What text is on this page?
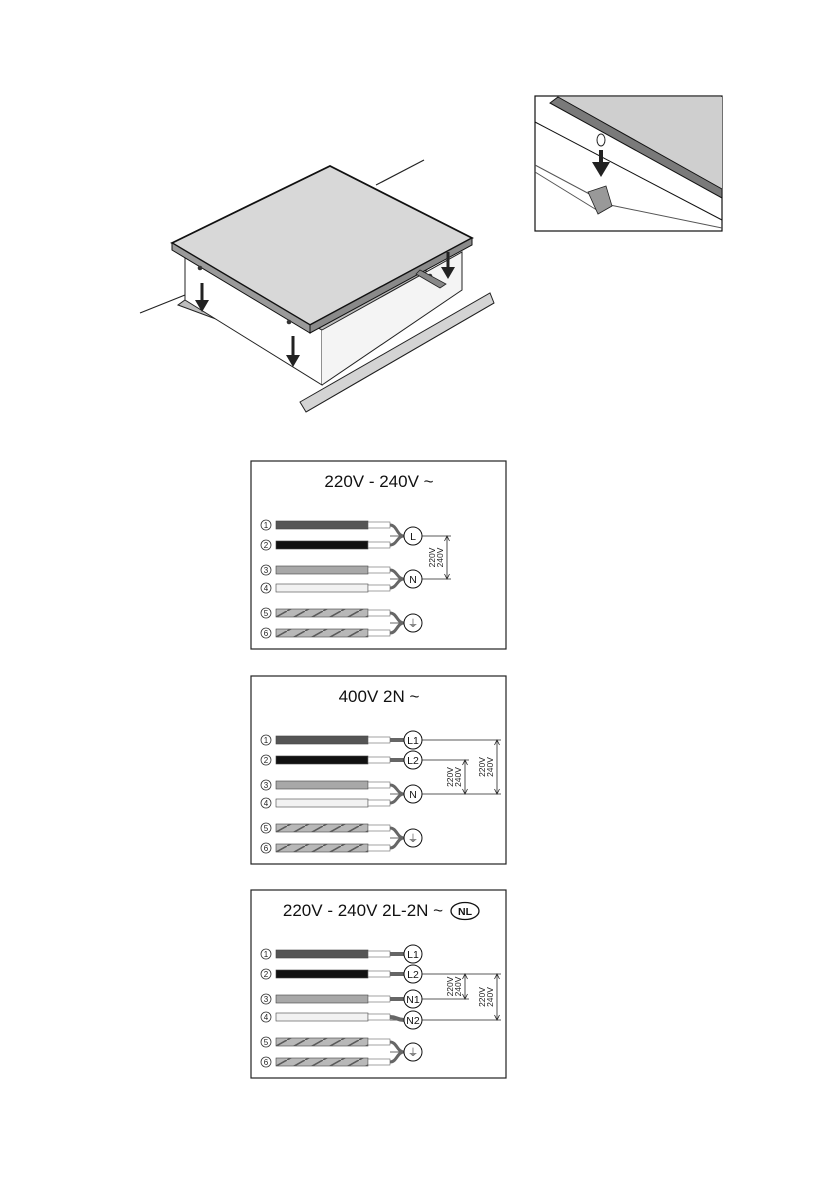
220V - 240V ~
1
2
3
4
5
6
L
N
⏚
220V
240V
400V 2N ~
1
2
3
4
5
6
L1
L2
N
⏚
220V
240V
220V
240V
220V - 240V 2L-2N ~ NL
1
2
3
4
5
6
L1
L2
N1
N2
⏚
220V
240V
220V
240V
